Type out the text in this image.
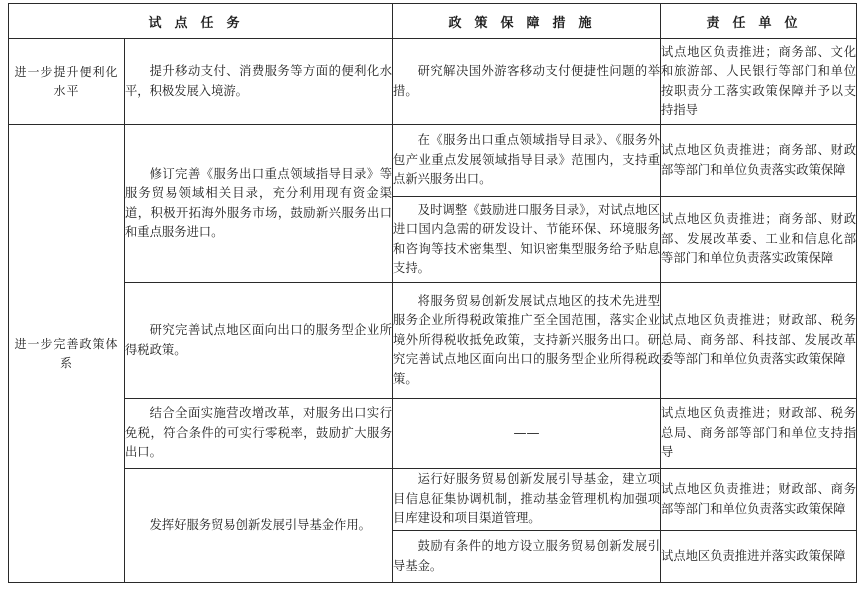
试点任务		政策保障措施	责任单位
进一步提升便利化水平	提升移动支付、消费服务等方面的便利化水平，积极发展入境游。	研究解决国外游客移动支付便捷性问题的举措。	试点地区负责推进；商务部、文化和旅游部、人民银行等部门和单位按职责分工落实政策保障并予以支持指导
进一步完善政策体系	修订完善《服务出口重点领域指导目录》等服务贸易领域相关目录，充分利用现有资金渠道，积极开拓海外服务市场，鼓励新兴服务出口和重点服务进口。	在《服务出口重点领域指导目录》、《服务外包产业重点发展领域指导目录》范围内，支持重点新兴服务出口。	试点地区负责推进；商务部、财政部等部门和单位负责落实政策保障
		及时调整《鼓励进口服务目录》，对试点地区进口国内急需的研发设计、节能环保、环境服务和咨询等技术密集型、知识密集型服务给予贴息支持。	试点地区负责推进；商务部、财政部、发展改革委、工业和信息化部等部门和单位负责落实政策保障
	研究完善试点地区面向出口的服务型企业所得税政策。	将服务贸易创新发展试点地区的技术先进型服务企业所得税政策推广至全国范围，落实企业境外所得税收抵免政策，支持新兴服务出口。研究完善试点地区面向出口的服务型企业所得税政策。	试点地区负责推进；财政部、税务总局、商务部、科技部、发展改革委等部门和单位负责落实政策保障
	结合全面实施营改增改革，对服务出口实行免税，符合条件的可实行零税率，鼓励扩大服务出口。	——	试点地区负责推进；财政部、税务总局、商务部等部门和单位支持指导
	发挥好服务贸易创新发展引导基金作用。	运行好服务贸易创新发展引导基金，建立项目信息征集协调机制，推动基金管理机构加强项目库建设和项目渠道管理。	试点地区负责推进；财政部、商务部等部门和单位负责落实政策保障
		鼓励有条件的地方设立服务贸易创新发展引导基金。	试点地区负责推进并落实政策保障
